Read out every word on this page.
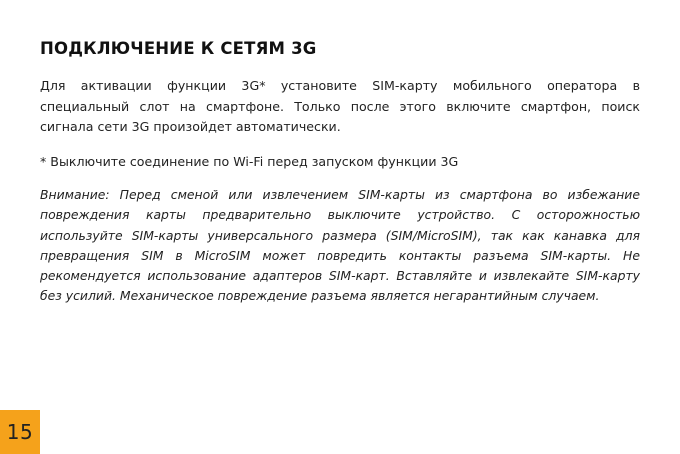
ПОДКЛЮЧЕНИЕ К СЕТЯМ 3G

Для активации функции 3G* установите SIM-карту мобильного оператора в специальный слот на смартфоне. Только после этого включите смартфон, поиск сигнала сети 3G произойдет автоматически.

* Выключите соединение по Wi-Fi перед запуском функции 3G

Внимание: Перед сменой или извлечением SIM-карты из смартфона во избежание повреждения карты предварительно выключите устройство. С осторожностью используйте SIM-карты универсального размера (SIM/MicroSIM), так как канавка для превращения SIM в MicroSIM может повредить контакты разъема SIM-карты. Не рекомендуется использование адаптеров SIM-карт. Вставляйте и извлекайте SIM-карту без усилий. Механическое повреждение разъема является негарантийным случаем.

15
